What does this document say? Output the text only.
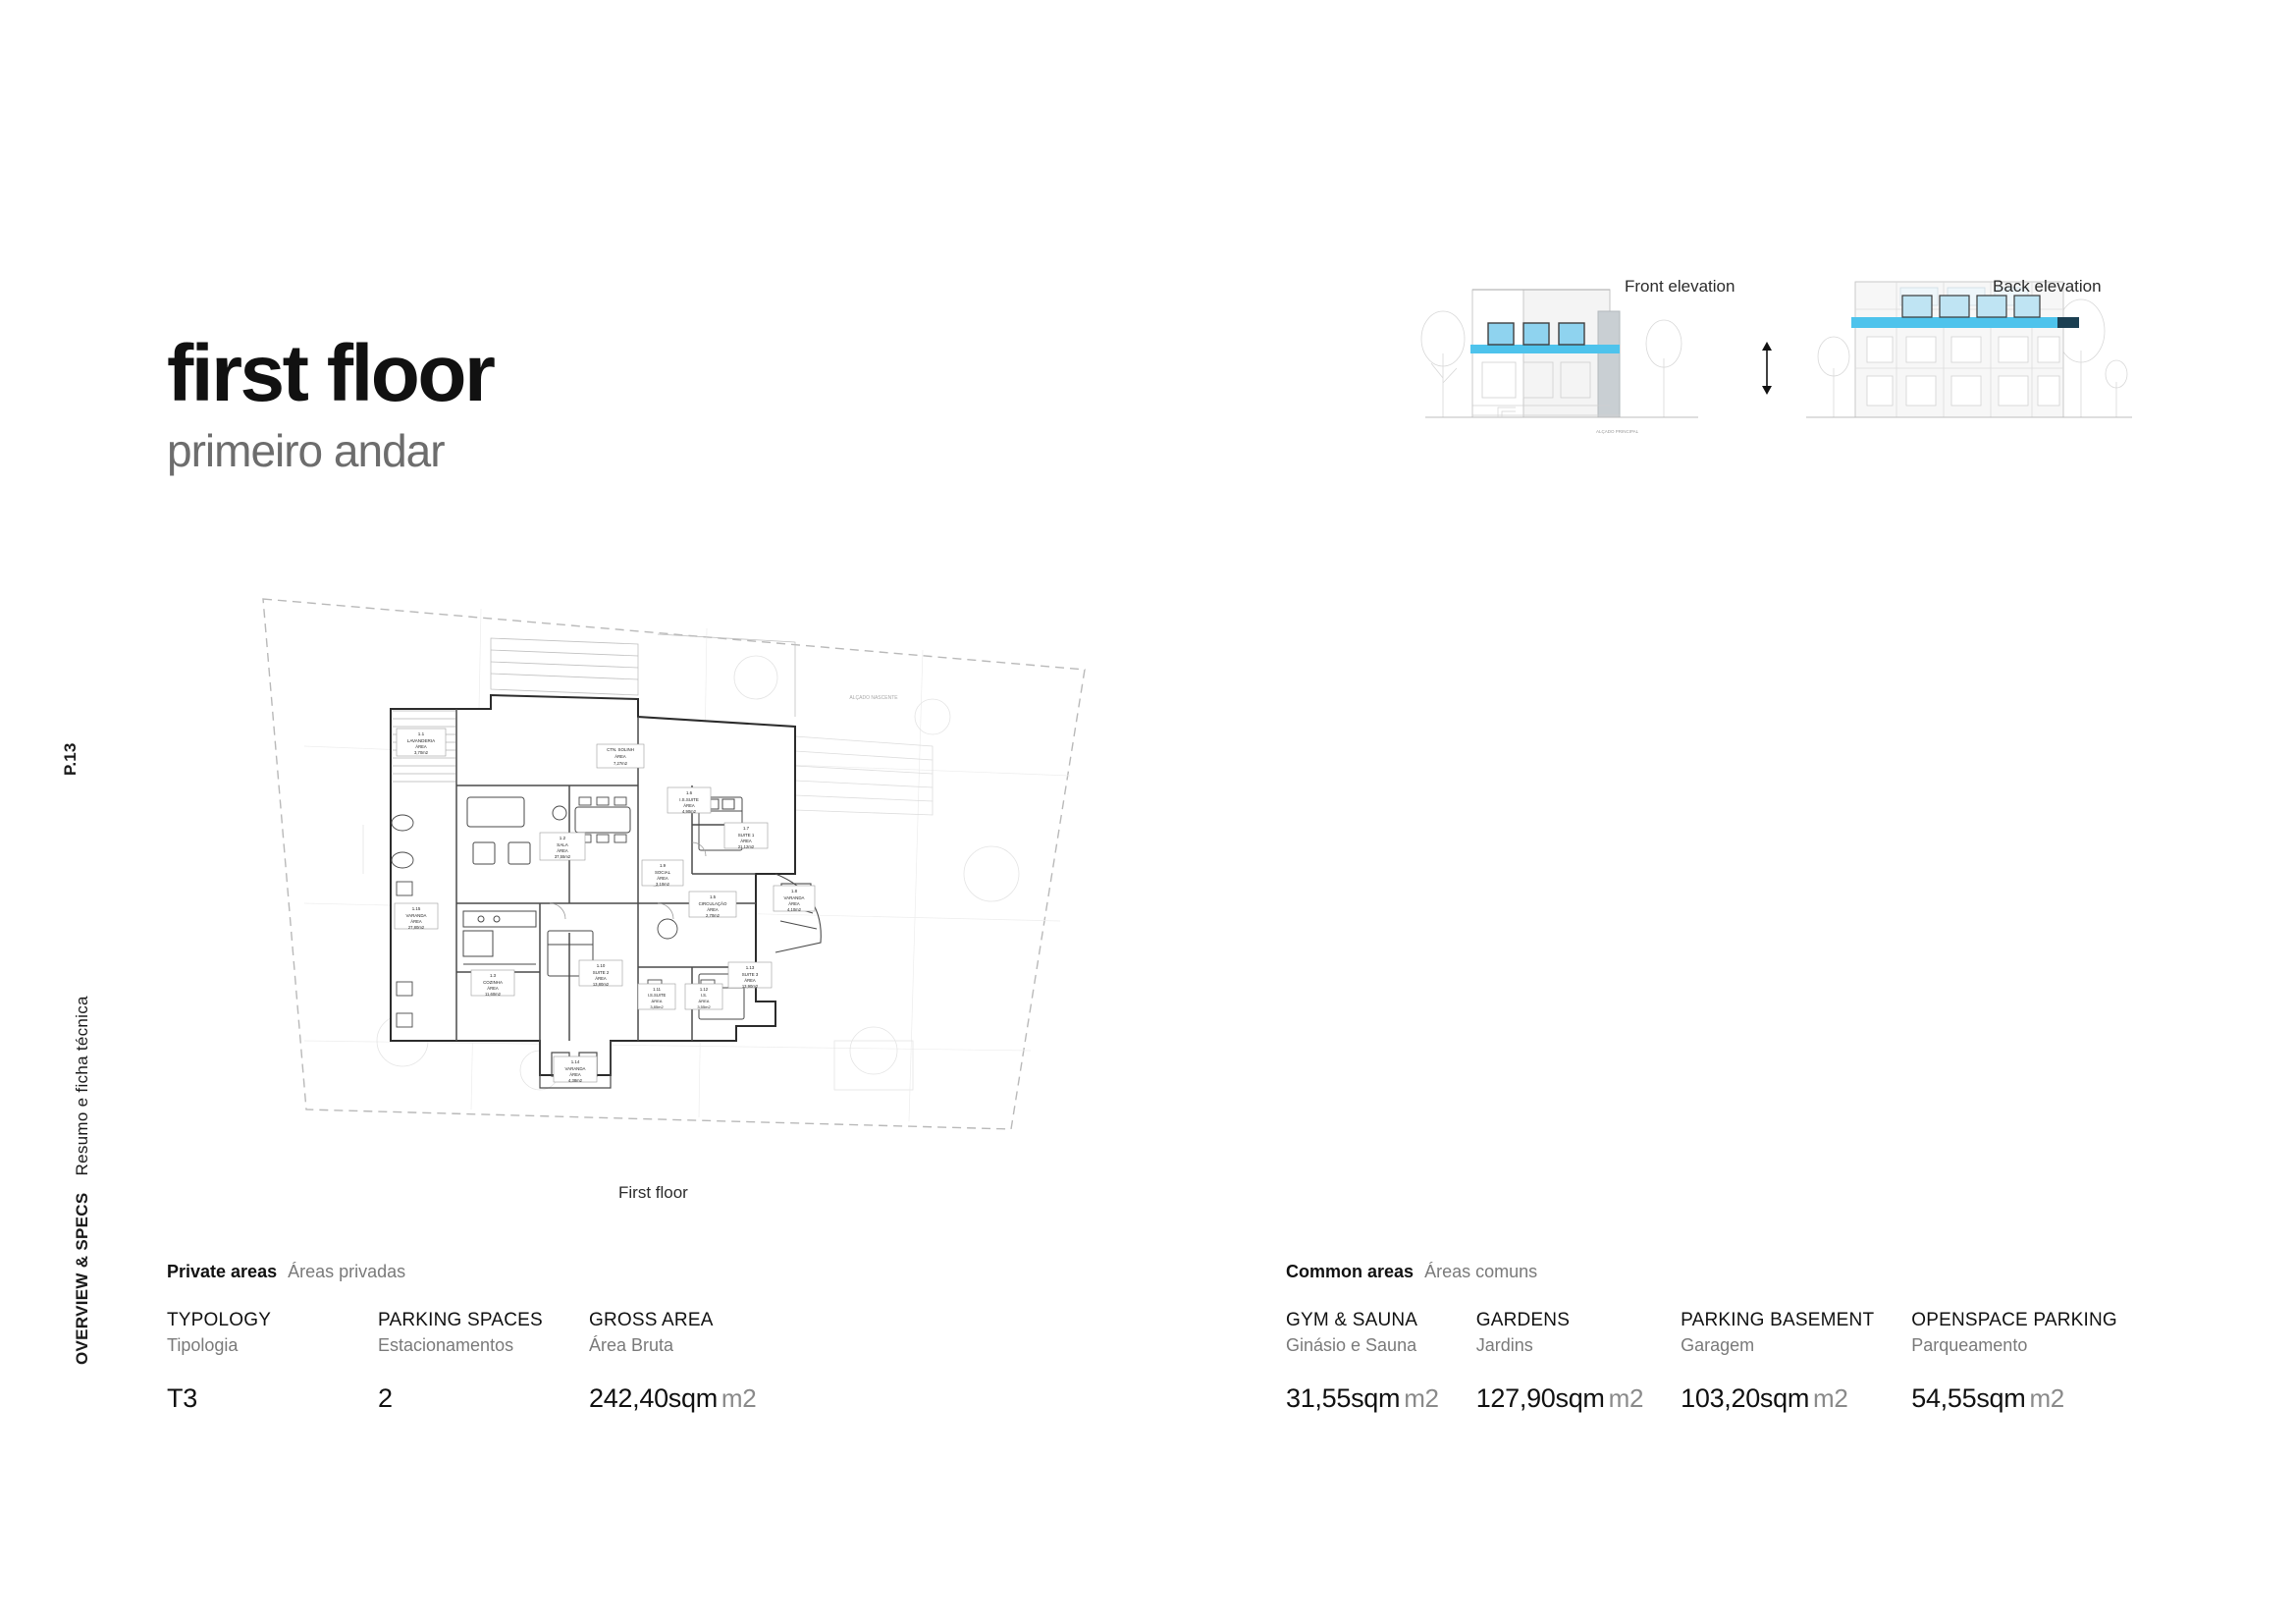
P.13
OVERVIEW & SPECS Resumo e ficha técnica
first floor
primeiro andar	ALÇADO PRINCIPAL
Front elevation	Back elevation
1.1
LAVANDERIA
ÁREA
3,70m2
1.2
SALA
ÁREA
37,55m2
CTN. SOLINH
ÁREA
7,27m2
1.6
I.S.SUITE
ÁREA
4,90m2
1.7
SUITE 1
ÁREA
21,12m2
1.9
SOCIAL
ÁREA
3,10m2
1.5
CIRCULAÇÃO
ÁREA
2,70m2
1.8
VARANDA
ÁREA
4,10m2
1.3
COZINHA
ÁREA
11,60m2
1.15
VARANDA
ÁREA
27,80m2
1.10
SUITE 2
ÁREA
13,80m2
1.11
I.S.SUITE
ÁREA
3,85m2
1.12
I.S.
ÁREA
3,55m2
1.13
SUITE 3
ÁREA
13,90m2
1.14
VARANDA
ÁREA
4,38m2
ALÇADO NASCENTE
First floor
Private areas Áreas privadas
TYPOLOGY
Tipologia
T3
PARKING SPACES
Estacionamentos
2
GROSS AREA
Área Bruta
242,40sqm m2
Common areas Áreas comuns
GYM & SAUNA
Ginásio e Sauna
31,55sqm m2
GARDENS
Jardins
127,90sqm m2
PARKING BASEMENT
Garagem
103,20sqm m2
OPENSPACE PARKING
Parqueamento
54,55sqm m2
